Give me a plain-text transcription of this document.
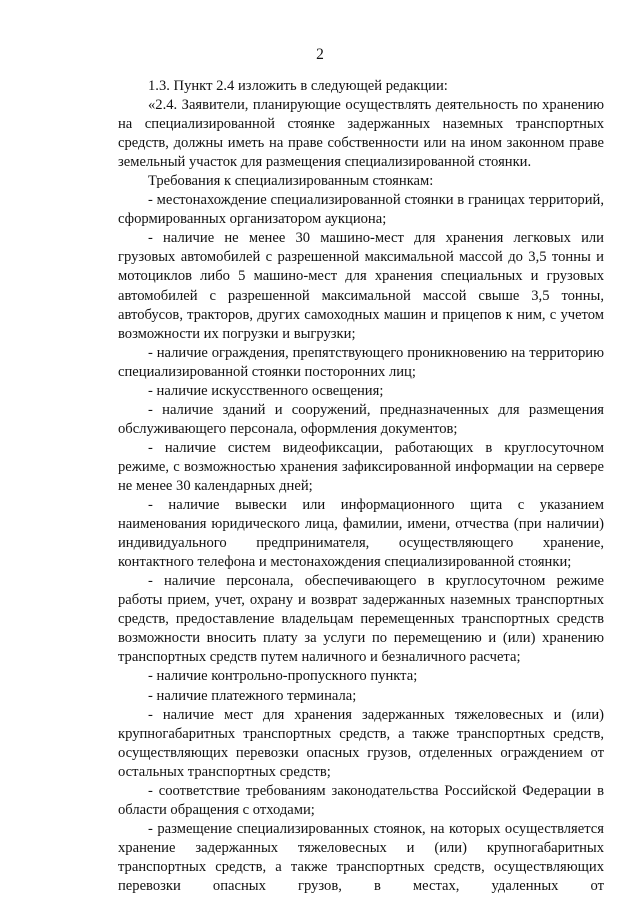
2

1.3. Пункт 2.4 изложить в следующей редакции:

«2.4. Заявители, планирующие осуществлять деятельность по хранению на специализированной стоянке задержанных наземных транспортных средств, должны иметь на праве собственности или на ином законном праве земельный участок для размещения специализированной стоянки.

Требования к специализированным стоянкам:

- местонахождение специализированной стоянки в границах территорий, сформированных организатором аукциона;

- наличие не менее 30 машино-мест для хранения легковых или грузовых автомобилей с разрешенной максимальной массой до 3,5 тонны и мотоциклов либо 5 машино-мест для хранения специальных и грузовых автомобилей с разрешенной максимальной массой свыше 3,5 тонны, автобусов, тракторов, других самоходных машин и прицепов к ним, с учетом возможности их погрузки и выгрузки;

- наличие ограждения, препятствующего проникновению на территорию специализированной стоянки посторонних лиц;

- наличие искусственного освещения;

- наличие зданий и сооружений, предназначенных для размещения обслуживающего персонала, оформления документов;

- наличие систем видеофиксации, работающих в круглосуточном режиме, с возможностью хранения зафиксированной информации на сервере не менее 30 календарных дней;

- наличие вывески или информационного щита с указанием наименования юридического лица, фамилии, имени, отчества (при наличии) индивидуального предпринимателя, осуществляющего хранение, контактного телефона и местонахождения специализированной стоянки;

- наличие персонала, обеспечивающего в круглосуточном режиме работы прием, учет, охрану и возврат задержанных наземных транспортных средств, предоставление владельцам перемещенных транспортных средств возможности вносить плату за услуги по перемещению и (или) хранению транспортных средств путем наличного и безналичного расчета;

- наличие контрольно-пропускного пункта;

- наличие платежного терминала;

- наличие мест для хранения задержанных тяжеловесных и (или) крупногабаритных транспортных средств, а также транспортных средств, осуществляющих перевозки опасных грузов, отделенных ограждением от остальных транспортных средств;

- соответствие требованиям законодательства Российской Федерации в области обращения с отходами;

- размещение специализированных стоянок, на которых осуществляется хранение задержанных тяжеловесных и (или) крупногабаритных транспортных средств, а также транспортных средств, осуществляющих перевозки опасных грузов, в местах, удаленных от
